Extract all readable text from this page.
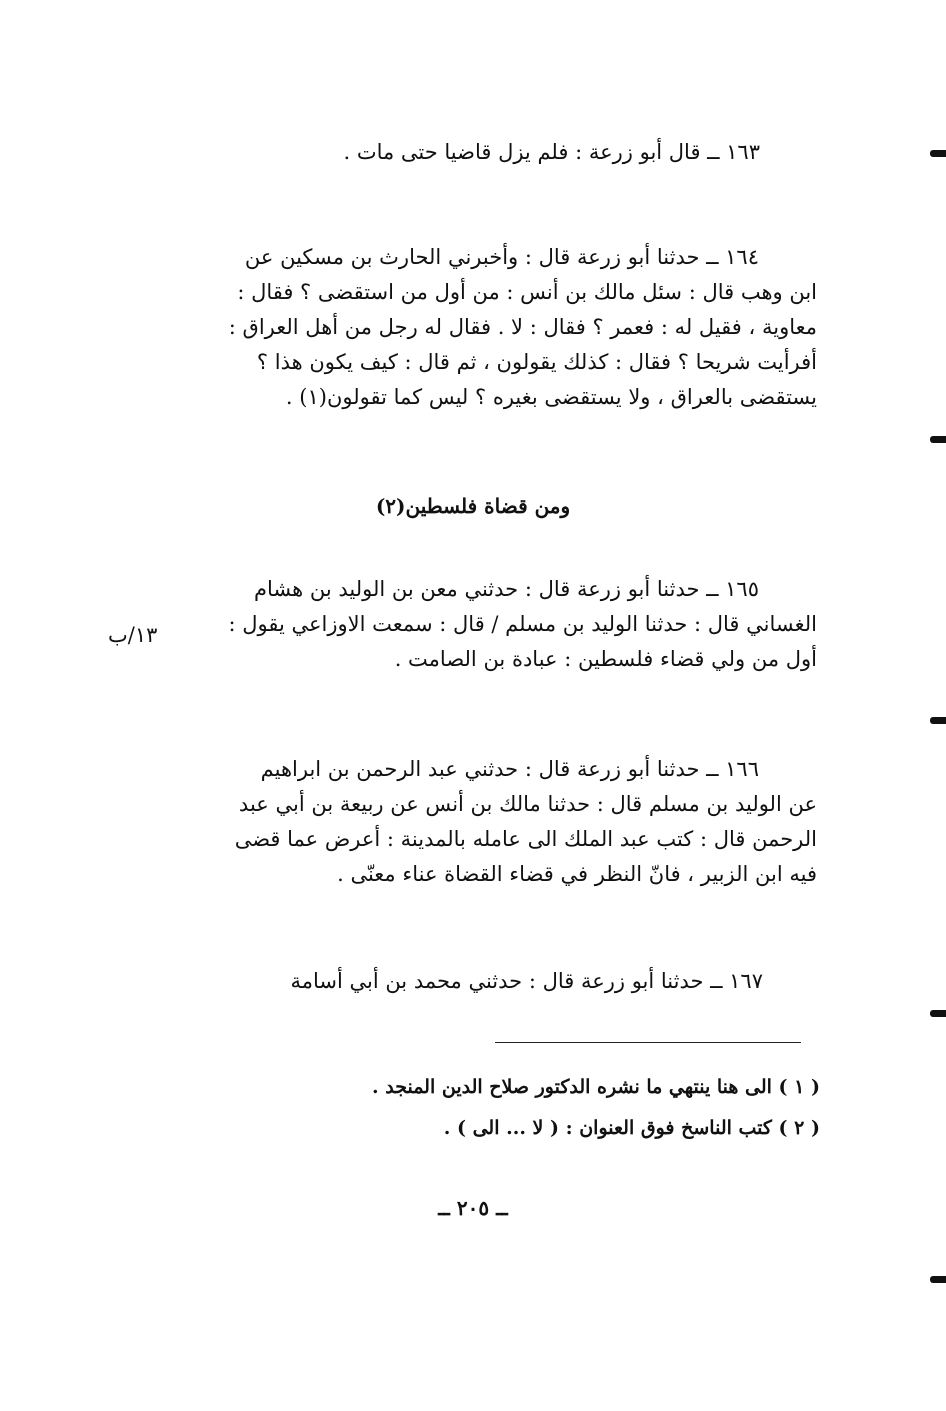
١٦٣ ــ قال أبو زرعة : فلم يزل قاضيا حتى مات .
١٦٤ ــ حدثنا أبو زرعة قال : وأخبرني الحارث بن مسكين عن
ابن وهب قال : سئل مالك بن أنس : من أول من استقضى ؟ فقال :
معاوية ، فقيل له : فعمر ؟ فقال : لا . فقال له رجل من أهل العراق :
أفرأيت شريحا ؟ فقال : كذلك يقولون ، ثم قال : كيف يكون هذا ؟
يستقضى بالعراق ، ولا يستقضى بغيره ؟ ليس كما تقولون(١) .
ومن قضاة فلسطين(٢)
١٦٥ ــ حدثنا أبو زرعة قال : حدثني معن بن الوليد بن هشام
الغساني قال : حدثنا الوليد بن مسلم / قال : سمعت الاوزاعي يقول :
أول من ولي قضاء فلسطين : عبادة بن الصامت .
١٣/ب
١٦٦ ــ حدثنا أبو زرعة قال : حدثني عبد الرحمن بن ابراهيم
عن الوليد بن مسلم قال : حدثنا مالك بن أنس عن ربيعة بن أبي عبد
الرحمن قال : كتب عبد الملك الى عامله بالمدينة : أعرض عما قضى
فيه ابن الزبير ، فانّ النظر في قضاء القضاة عناء معنّى .
١٦٧ ــ حدثنا أبو زرعة قال : حدثني محمد بن أبي أسامة
( ١ ) الى هنا ينتهي ما نشره الدكتور صلاح الدين المنجد .
( ٢ ) كتب الناسخ فوق العنوان : ( لا ... الى ) .
ــ ٢٠٥ ــ
